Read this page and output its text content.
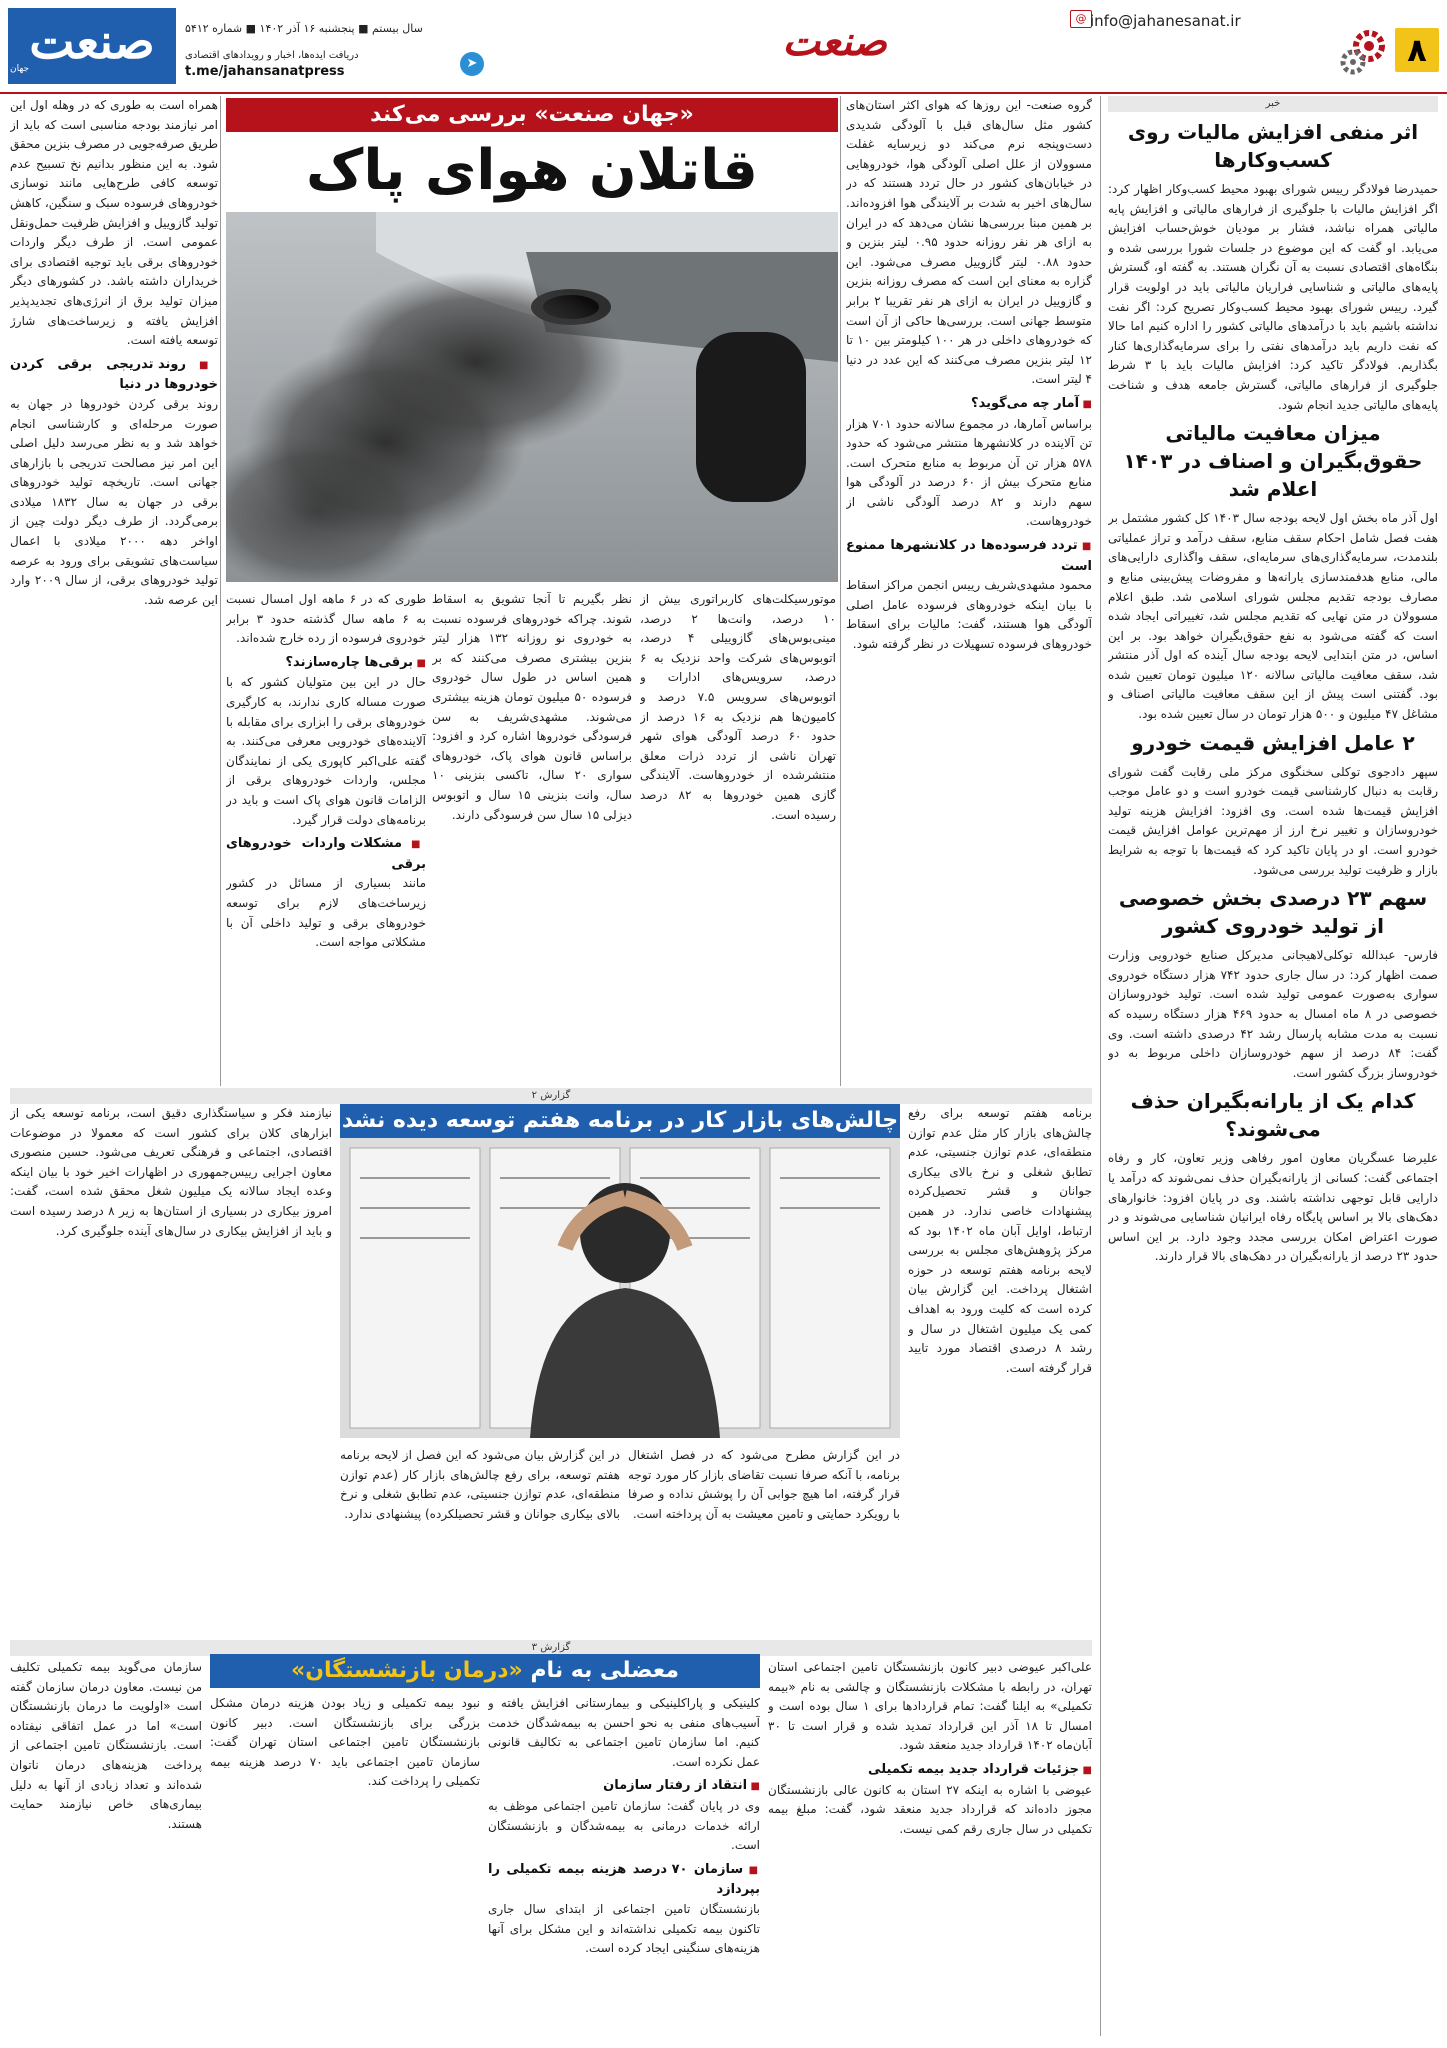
۸
صنعت	@ info@jahanesanat.ir
سال بیستم ■ پنجشنبه ۱۶ آذر ۱۴۰۲ ■ شماره ۵۴۱۲
دریافت ایده‌ها، اخبار و رویدادهای اقتصادی
t.me/jahansanatpress
➤
صنعت
جهان
خبر
اثر منفی افزایش مالیات روی کسب‌وکارها

حمیدرضا فولادگر رییس شورای بهبود محیط کسب‌وکار اظهار کرد: اگر افزایش مالیات با جلوگیری از فرارهای مالیاتی و افزایش پایه مالیاتی همراه نباشد، فشار بر مودیان خوش‌حساب افزایش می‌یابد. او گفت که این موضوع در جلسات شورا بررسی شده و بنگاه‌های اقتصادی نسبت به آن نگران هستند. به گفته او، گسترش پایه‌های مالیاتی و شناسایی فراریان مالیاتی باید در اولویت قرار گیرد. رییس شورای بهبود محیط کسب‌وکار تصریح کرد: اگر نفت نداشته باشیم باید با درآمدهای مالیاتی کشور را اداره کنیم اما حالا که نفت داریم باید درآمدهای نفتی را برای سرمایه‌گذاری‌ها کنار بگذاریم. فولادگر تاکید کرد: افزایش مالیات باید با ۳ شرط جلوگیری از فرارهای مالیاتی، گسترش جامعه هدف و شناخت پایه‌های مالیاتی جدید انجام شود.

میزان معافیت مالیاتی حقوق‌بگیران و اصناف در ۱۴۰۳ اعلام شد

اول آذر ماه بخش اول لایحه بودجه سال ۱۴۰۳ کل کشور مشتمل بر هفت فصل شامل احکام سقف منابع، سقف درآمد و تراز عملیاتی بلندمدت، سرمایه‌گذاری‌های سرمایه‌ای، سقف واگذاری دارایی‌های مالی، منابع هدفمندسازی یارانه‌ها و مفروضات پیش‌بینی منابع و مصارف بودجه تقدیم مجلس شورای اسلامی شد. طبق اعلام مسوولان در متن نهایی که تقدیم مجلس شد، تغییراتی ایجاد شده است که گفته می‌شود به نفع حقوق‌بگیران خواهد بود. بر این اساس، در متن ابتدایی لایحه بودجه سال آینده که اول آذر منتشر شد، سقف معافیت مالیاتی سالانه ۱۲۰ میلیون تومان تعیین شده بود. گفتنی است پیش از این سقف معافیت مالیاتی اصناف و مشاغل ۴۷ میلیون و ۵۰۰ هزار تومان در سال تعیین شده بود.

۲ عامل افزایش قیمت خودرو

سپهر دادجوی توکلی سخنگوی مرکز ملی رقابت گفت شورای رقابت به دنبال کارشناسی قیمت خودرو است و دو عامل موجب افزایش قیمت‌ها شده است. وی افزود: افزایش هزینه تولید خودروسازان و تغییر نرخ ارز از مهم‌ترین عوامل افزایش قیمت خودرو است. او در پایان تاکید کرد که قیمت‌ها با توجه به شرایط بازار و ظرفیت تولید بررسی می‌شود.

سهم ۲۳ درصدی بخش خصوصی از تولید خودروی کشور

فارس- عبدالله توکلی‌لاهیجانی مدیرکل صنایع خودرویی وزارت صمت اظهار کرد: در سال جاری حدود ۷۴۲ هزار دستگاه خودروی سواری به‌صورت عمومی تولید شده است. تولید خودروسازان خصوصی در ۸ ماه امسال به حدود ۴۶۹ هزار دستگاه رسیده که نسبت به مدت مشابه پارسال رشد ۴۲ درصدی داشته است. وی گفت: ۸۴ درصد از سهم خودروسازان داخلی مربوط به دو خودروساز بزرگ کشور است.

کدام یک از یارانه‌بگیران حذف می‌شوند؟

علیرضا عسگریان معاون امور رفاهی وزیر تعاون، کار و رفاه اجتماعی گفت: کسانی از یارانه‌بگیران حذف نمی‌شوند که درآمد یا دارایی قابل توجهی نداشته باشند. وی در پایان افزود: خانوارهای دهک‌های بالا بر اساس پایگاه رفاه ایرانیان شناسایی می‌شوند و در صورت اعتراض امکان بررسی مجدد وجود دارد. بر این اساس حدود ۲۳ درصد از یارانه‌بگیران در دهک‌های بالا قرار دارند.

«جهان صنعت» بررسی می‌کند
قاتلان هوای پاک

گروه صنعت- این روزها که هوای اکثر استان‌های کشور مثل سال‌های قبل با آلودگی شدیدی دست‌وپنجه نرم می‌کند دو زیرسایه غفلت مسوولان از علل اصلی آلودگی هوا، خودروهایی در خیابان‌های کشور در حال تردد هستند که در سال‌های اخیر به شدت بر آلایندگی هوا افزوده‌اند. بر همین مبنا بررسی‌ها نشان می‌دهد که در ایران به ازای هر نفر روزانه حدود ۰.۹۵ لیتر بنزین و حدود ۰.۸۸ لیتر گازوییل مصرف می‌شود. این گزاره به معنای این است که مصرف روزانه بنزین و گازوییل در ایران به ازای هر نفر تقریبا ۲ برابر متوسط جهانی است. بررسی‌ها حاکی از آن است که خودروهای داخلی در هر ۱۰۰ کیلومتر بین ۱۰ تا ۱۲ لیتر بنزین مصرف می‌کنند که این عدد در دنیا ۴ لیتر است.

■ آمار چه می‌گوید؟

براساس آمارها، در مجموع سالانه حدود ۷۰۱ هزار تن آلاینده در کلانشهرها منتشر می‌شود که حدود ۵۷۸ هزار تن آن مربوط به منابع متحرک است. منابع متحرک بیش از ۶۰ درصد در آلودگی هوا سهم دارند و ۸۲ درصد آلودگی ناشی از خودروهاست.

■ تردد فرسوده‌ها در کلانشهرها ممنوع است

محمود مشهدی‌شریف رییس انجمن مراکز اسقاط با بیان اینکه خودروهای فرسوده عامل اصلی آلودگی هوا هستند، گفت: مالیات برای اسقاط خودروهای فرسوده تسهیلات در نظر گرفته شود.

همراه است به طوری که در وهله اول این امر نیازمند بودجه مناسبی است که باید از طریق صرفه‌جویی در مصرف بنزین محقق شود. به این منظور بدانیم نخ تسبیح عدم توسعه کافی طرح‌هایی مانند نوسازی خودروهای فرسوده سبک و سنگین، کاهش تولید گازوییل و افزایش ظرفیت حمل‌ونقل عمومی است. از طرف دیگر واردات خودروهای برقی باید توجیه اقتصادی برای خریداران داشته باشد. در کشورهای دیگر میزان تولید برق از انرژی‌های تجدیدپذیر افزایش یافته و زیرساخت‌های شارژ توسعه یافته است.

■ روند تدریجی برقی کردن خودروها در دنیا

روند برقی کردن خودروها در جهان به صورت مرحله‌ای و کارشناسی انجام خواهد شد و به نظر می‌رسد دلیل اصلی این امر نیز مصالحت تدریجی با بازارهای جهانی است. تاریخچه تولید خودروهای برقی در جهان به سال ۱۸۳۲ میلادی برمی‌گردد. از طرف دیگر دولت چین از اواخر دهه ۲۰۰۰ میلادی با اعمال سیاست‌های تشویقی برای ورود به عرصه تولید خودروهای برقی، از سال ۲۰۰۹ وارد این عرصه شد.	موتورسیکلت‌های کاربراتوری بیش از ۱۰ درصد، وانت‌ها ۲ درصد، مینی‌بوس‌های گازوییلی ۴ درصد، اتوبوس‌های شرکت واحد نزدیک به ۶ درصد، سرویس‌های ادارات و اتوبوس‌های سرویس ۷.۵ درصد و کامیون‌ها هم نزدیک به ۱۶ درصد از حدود ۶۰ درصد آلودگی هوای شهر تهران ناشی از تردد ذرات معلق منتشرشده از خودروهاست. آلایندگی گازی همین خودروها به ۸۲ درصد رسیده است.

نظر بگیریم تا آنجا تشویق به اسقاط شوند. چراکه خودروهای فرسوده نسبت به خودروی نو روزانه ۱۳۲ هزار لیتر بنزین بیشتری مصرف می‌کنند که بر همین اساس در طول سال خودروی فرسوده ۵۰ میلیون تومان هزینه بیشتری می‌شوند. مشهدی‌شریف به سن فرسودگی خودروها اشاره کرد و افزود: براساس قانون هوای پاک، خودروهای سواری ۲۰ سال، تاکسی بنزینی ۱۰ سال، وانت بنزینی ۱۵ سال و اتوبوس دیزلی ۱۵ سال سن فرسودگی دارند.

طوری که در ۶ ماهه اول امسال نسبت به ۶ ماهه سال گذشته حدود ۳ برابر خودروی فرسوده از رده خارج شده‌اند.

■ برقی‌ها چاره‌سازند؟

حال در این بین متولیان کشور که با صورت مساله کاری ندارند، به کارگیری خودروهای برقی را ابزاری برای مقابله با آلاینده‌های خودرویی معرفی می‌کنند. به گفته علی‌اکبر کاپوری یکی از نمایندگان مجلس، واردات خودروهای برقی از الزامات قانون هوای پاک است و باید در برنامه‌های دولت قرار گیرد.

■ مشکلات واردات خودروهای برقی

مانند بسیاری از مسائل در کشور زیرساخت‌های لازم برای توسعه خودروهای برقی و تولید داخلی آن با مشکلاتی مواجه است.

گزارش ۲
چالش‌های بازار کار در برنامه هفتم توسعه دیده نشد برنامه هفتم توسعه برای رفع چالش‌های بازار کار مثل عدم توازن منطقه‌ای، عدم توازن جنسیتی، عدم تطابق شغلی و نرخ بالای بیکاری جوانان و قشر تحصیل‌کرده پیشنهادات خاصی ندارد. در همین ارتباط، اوایل آبان ماه ۱۴۰۲ بود که مرکز پژوهش‌های مجلس به بررسی لایحه برنامه هفتم توسعه در حوزه اشتغال پرداخت. این گزارش بیان کرده است که کلیت ورود به اهداف کمی یک میلیون اشتغال در سال و رشد ۸ درصدی اقتصاد مورد تایید قرار گرفته است.

در این گزارش مطرح می‌شود که در فصل اشتغال برنامه، با آنکه صرفا نسبت تقاضای بازار کار مورد توجه قرار گرفته، اما هیچ جوابی آن را پوشش نداده و صرفا با رویکرد حمایتی و تامین معیشت به آن پرداخته است.

در این گزارش بیان می‌شود که این فصل از لایحه برنامه هفتم توسعه، برای رفع چالش‌های بازار کار (عدم توازن منطقه‌ای، عدم توازن جنسیتی، عدم تطابق شغلی و نرخ بالای بیکاری جوانان و قشر تحصیلکرده) پیشنهادی ندارد.

نیازمند فکر و سیاستگذاری دقیق است، برنامه توسعه یکی از ابزارهای کلان برای کشور است که معمولا در موضوعات اقتصادی، اجتماعی و فرهنگی تعریف می‌شود. حسین منصوری معاون اجرایی رییس‌جمهوری در اظهارات اخیر خود با بیان اینکه وعده ایجاد سالانه یک میلیون شغل محقق شده است، گفت: امروز بیکاری در بسیاری از استان‌ها به زیر ۸ درصد رسیده است و باید از افزایش بیکاری در سال‌های آینده جلوگیری کرد.

گزارش ۳
معضلی به نام «درمان بازنشستگان»	علی‌اکبر عیوضی دبیر کانون بازنشستگان تامین اجتماعی استان تهران، در رابطه با مشکلات بازنشستگان و چالشی به نام «بیمه تکمیلی» به ایلنا گفت: تمام قراردادها برای ۱ سال بوده است و امسال تا ۱۸ آذر این قرارداد تمدید شده و قرار است تا ۳۰ آبان‌ماه ۱۴۰۲ قرارداد جدید منعقد شود.

■ جزئیات قرارداد جدید بیمه تکمیلی

عیوضی با اشاره به اینکه ۲۷ استان به کانون عالی بازنشستگان مجوز داده‌اند که قرارداد جدید منعقد شود، گفت: مبلغ بیمه تکمیلی در سال جاری رقم کمی نیست.

کلینیکی و پاراکلینیکی و بیمارستانی افزایش یافته و آسیب‌های منفی به نحو احسن به بیمه‌شدگان خدمت کنیم. اما سازمان تامین اجتماعی به تکالیف قانونی عمل نکرده است.

■ انتقاد از رفتار سازمان

وی در پایان گفت: سازمان تامین اجتماعی موظف به ارائه خدمات درمانی به بیمه‌شدگان و بازنشستگان است.

■ سازمان ۷۰ درصد هزینه بیمه تکمیلی را بپردازد

بازنشستگان تامین اجتماعی از ابتدای سال جاری تاکنون بیمه تکمیلی نداشته‌اند و این مشکل برای آنها هزینه‌های سنگینی ایجاد کرده است.

نبود بیمه تکمیلی و زیاد بودن هزینه درمان مشکل بزرگی برای بازنشستگان است. دبیر کانون بازنشستگان تامین اجتماعی استان تهران گفت: سازمان تامین اجتماعی باید ۷۰ درصد هزینه بیمه تکمیلی را پرداخت کند.

سازمان می‌گوید بیمه تکمیلی تکلیف من نیست. معاون درمان سازمان گفته است «اولویت ما درمان بازنشستگان است» اما در عمل اتفاقی نیفتاده است. بازنشستگان تامین اجتماعی از پرداخت هزینه‌های درمان ناتوان شده‌اند و تعداد زیادی از آنها به دلیل بیماری‌های خاص نیازمند حمایت هستند.
